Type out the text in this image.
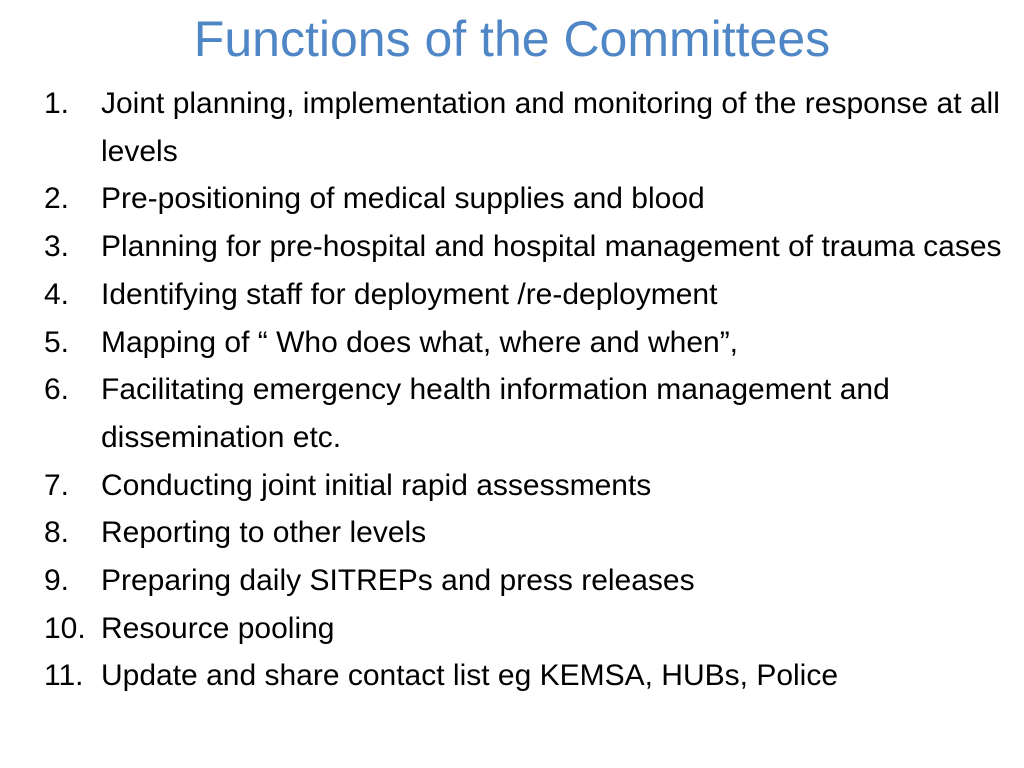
Functions of the Committees
1.	Joint planning, implementation and monitoring of the response at all levels
2.	Pre-positioning of medical supplies and blood
3.	Planning for pre-hospital and hospital management of trauma cases
4.	Identifying staff for deployment /re-deployment
5.	Mapping of “ Who does what, where and when”,
6.	Facilitating emergency health information management and dissemination etc.
7.	Conducting joint initial rapid assessments
8.	Reporting to other levels
9.	Preparing daily SITREPs and press releases
10. Resource pooling
11. Update and share contact list eg KEMSA, HUBs, Police
